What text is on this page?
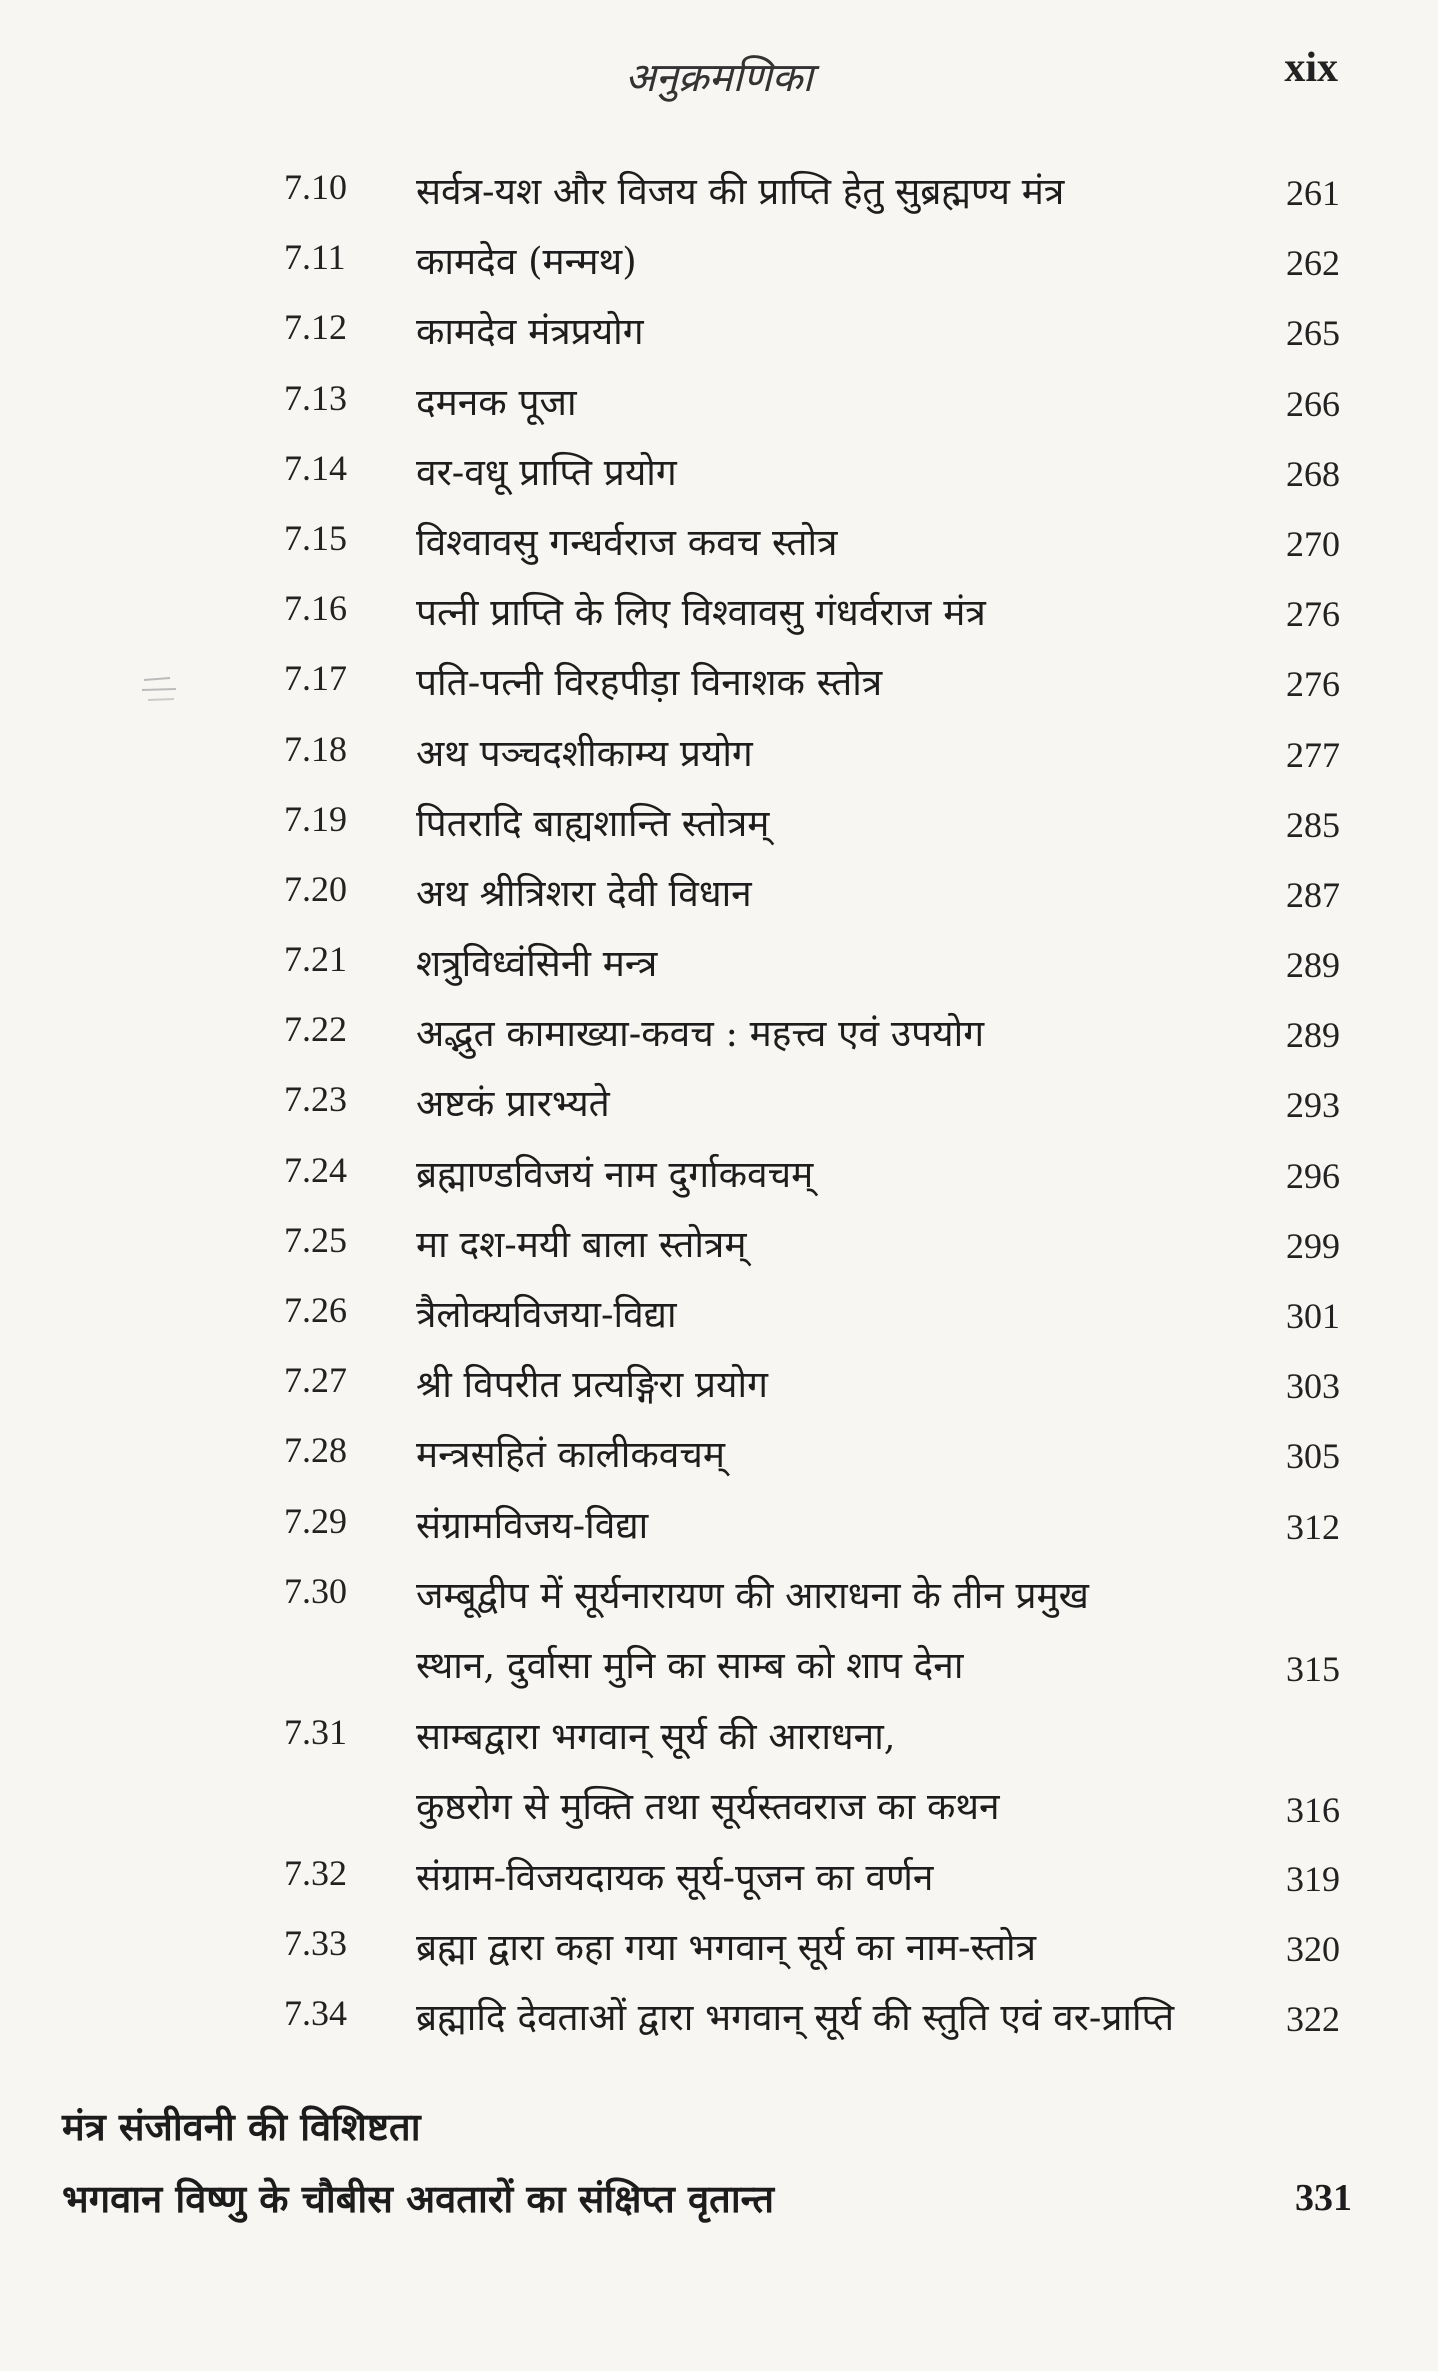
अनुक्रमणिका	xix
7.10 सर्वत्र-यश और विजय की प्राप्ति हेतु सुब्रह्मण्य मंत्र	261
7.11 कामदेव (मन्मथ)	262
7.12 कामदेव मंत्रप्रयोग	265
7.13 दमनक पूजा	266
7.14 वर-वधू प्राप्ति प्रयोग	268
7.15 विश्वावसु गन्धर्वराज कवच स्तोत्र	270
7.16 पत्नी प्राप्ति के लिए विश्वावसु गंधर्वराज मंत्र	276
7.17 पति-पत्नी विरहपीड़ा विनाशक स्तोत्र	276
7.18 अथ पञ्चदशीकाम्य प्रयोग	277
7.19 पितरादि बाह्यशान्ति स्तोत्रम्	285
7.20 अथ श्रीत्रिशरा देवी विधान	287
7.21 शत्रुविध्वंसिनी मन्त्र	289
7.22 अद्भुत कामाख्या-कवच : महत्त्व एवं उपयोग	289
7.23 अष्टकं प्रारभ्यते	293
7.24 ब्रह्माण्डविजयं नाम दुर्गाकवचम्	296
7.25 मा दश-मयी बाला स्तोत्रम्	299
7.26 त्रैलोक्यविजया-विद्या	301
7.27 श्री विपरीत प्रत्यङ्गिरा प्रयोग	303
7.28 मन्त्रसहितं कालीकवचम्	305
7.29 संग्रामविजय-विद्या	312
7.30 जम्बूद्वीप में सूर्यनारायण की आराधना के तीन प्रमुख
स्थान, दुर्वासा मुनि का साम्ब को शाप देना	315
7.31 साम्बद्वारा भगवान् सूर्य की आराधना,
कुष्ठरोग से मुक्ति तथा सूर्यस्तवराज का कथन	316
7.32 संग्राम-विजयदायक सूर्य-पूजन का वर्णन	319
7.33 ब्रह्मा द्वारा कहा गया भगवान् सूर्य का नाम-स्तोत्र	320
7.34 ब्रह्मादि देवताओं द्वारा भगवान् सूर्य की स्तुति एवं वर-प्राप्ति	322
मंत्र संजीवनी की विशिष्टता
भगवान विष्णु के चौबीस अवतारों का संक्षिप्त वृतान्त	331
